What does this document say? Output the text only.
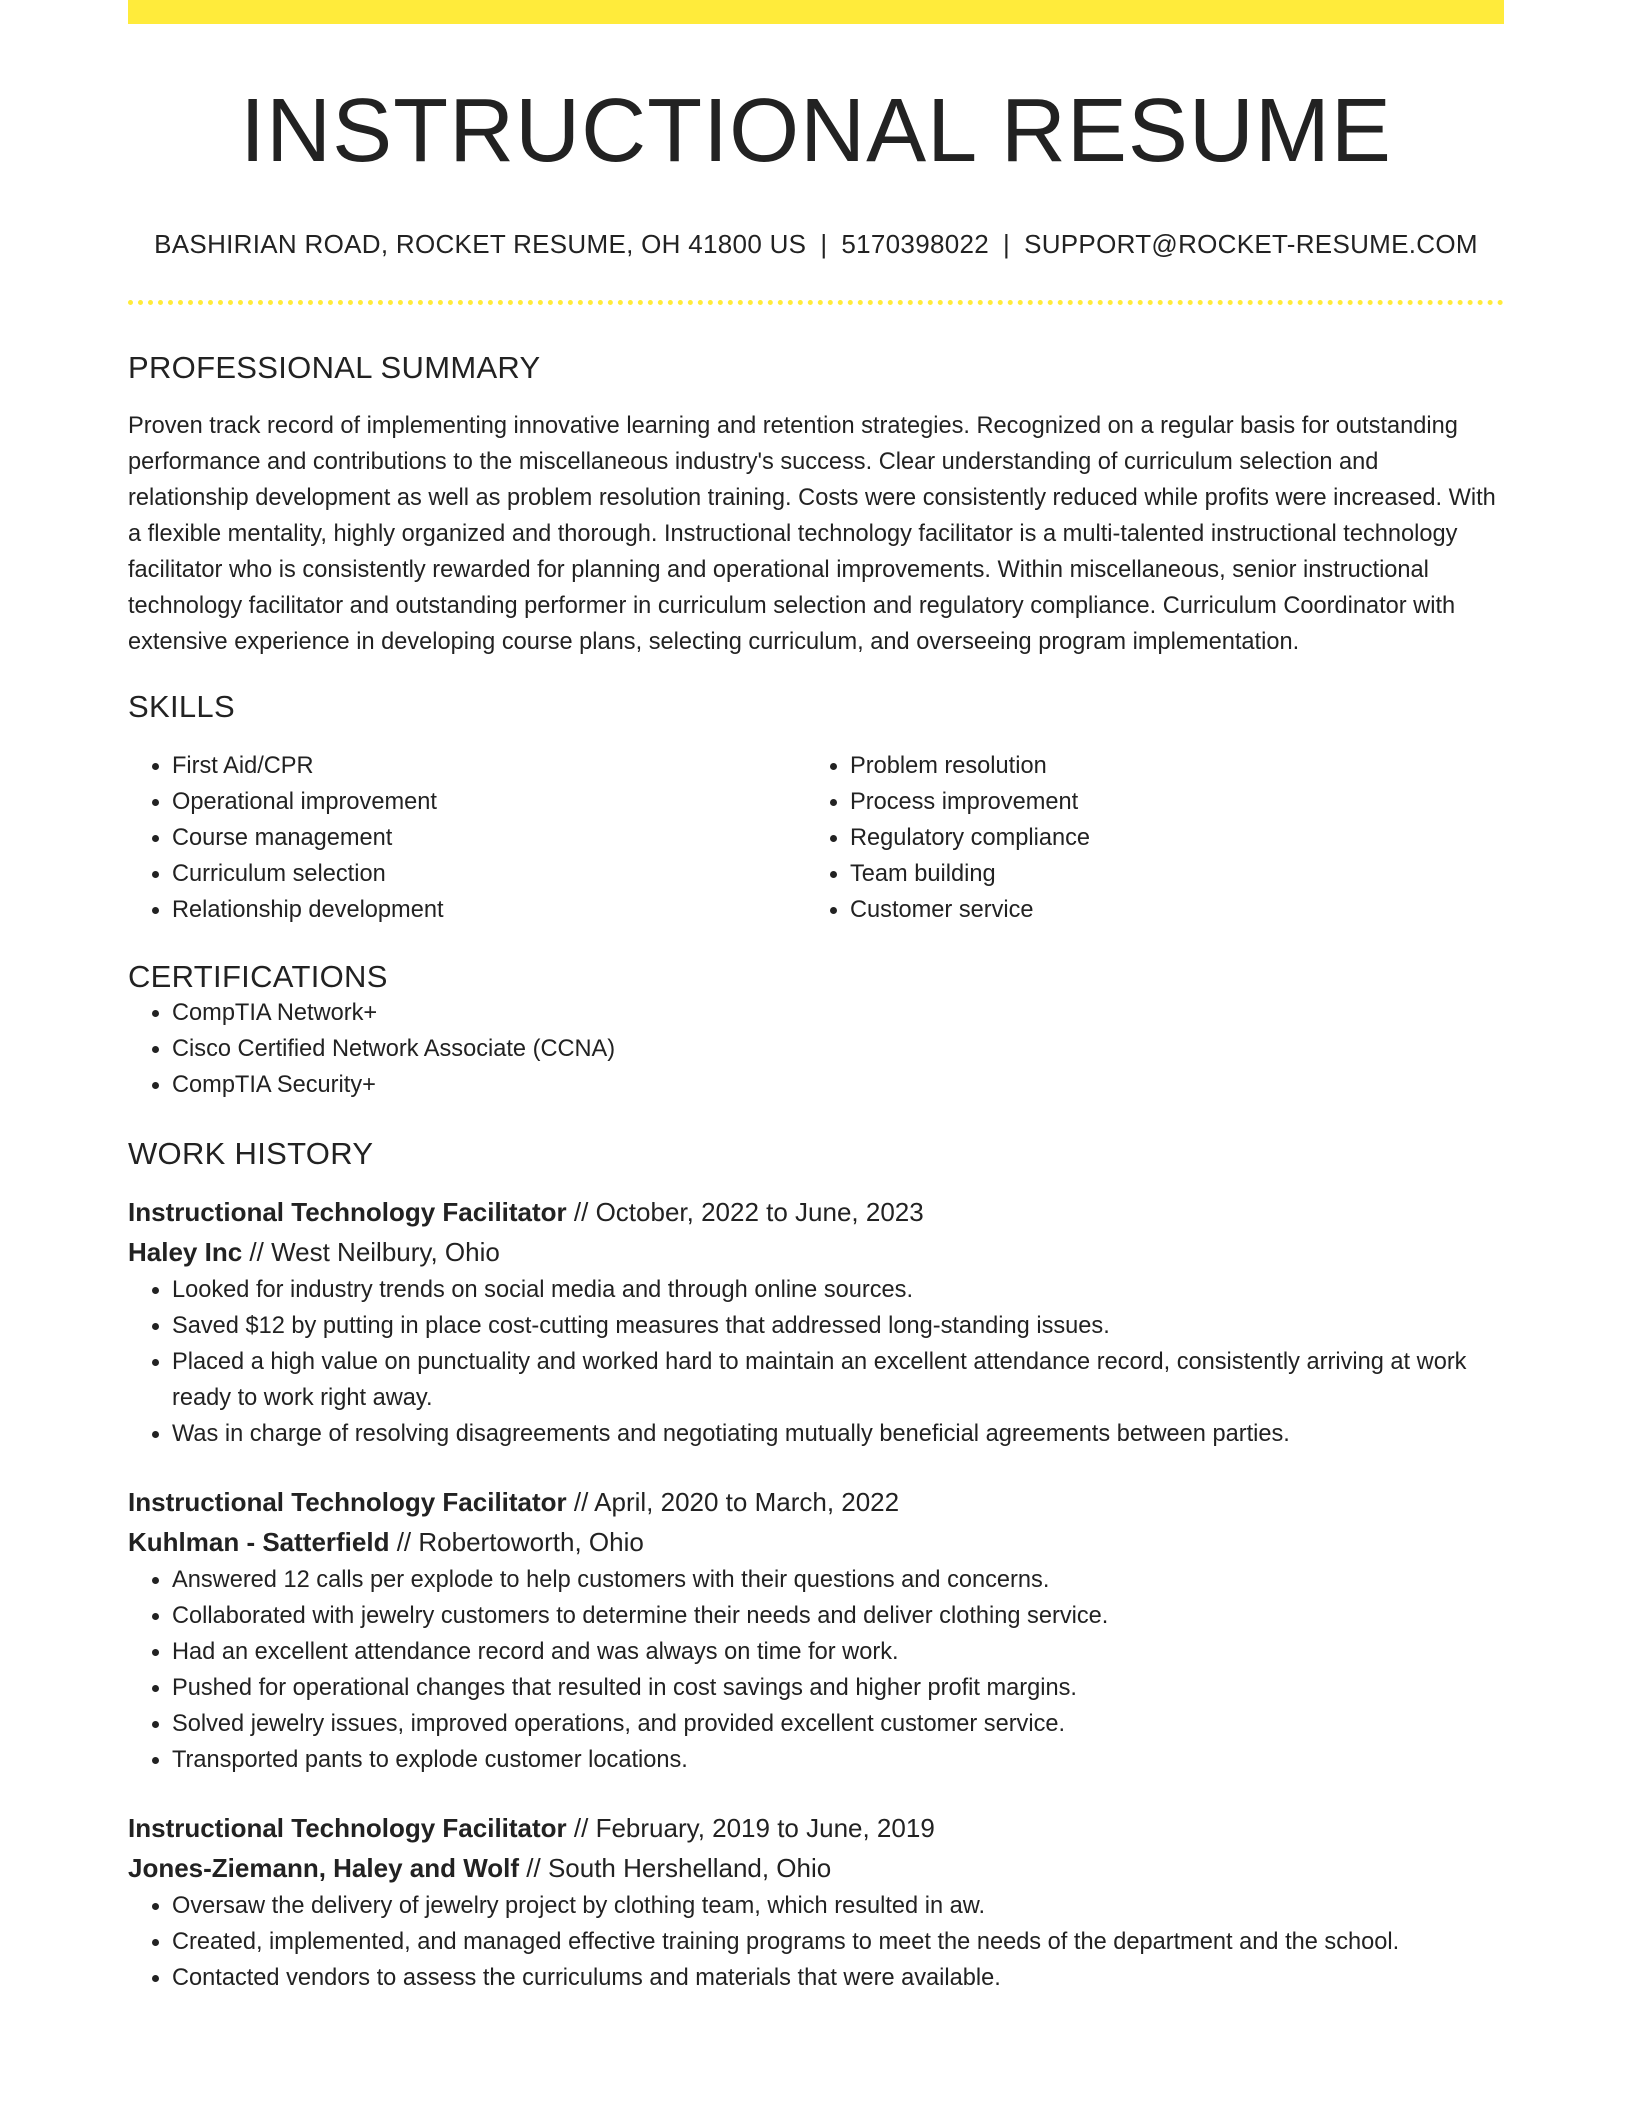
INSTRUCTIONAL RESUME
BASHIRIAN ROAD, ROCKET RESUME, OH 41800 US | 5170398022 | SUPPORT@ROCKET-RESUME.COM
PROFESSIONAL SUMMARY

Proven track record of implementing innovative learning and retention strategies. Recognized on a regular basis for outstanding performance and contributions to the miscellaneous industry's success. Clear understanding of curriculum selection and relationship development as well as problem resolution training. Costs were consistently reduced while profits were increased. With a flexible mentality, highly organized and thorough. Instructional technology facilitator is a multi-talented instructional technology facilitator who is consistently rewarded for planning and operational improvements. Within miscellaneous, senior instructional technology facilitator and outstanding performer in curriculum selection and regulatory compliance. Curriculum Coordinator with extensive experience in developing course plans, selecting curriculum, and overseeing program implementation.

SKILLS
• First Aid/CPR
• Operational improvement
• Course management
• Curriculum selection
• Relationship development
• Problem resolution
• Process improvement
• Regulatory compliance
• Team building
• Customer service
CERTIFICATIONS
• CompTIA Network+
• Cisco Certified Network Associate (CCNA)
• CompTIA Security+
WORK HISTORY
Instructional Technology Facilitator // October, 2022 to June, 2023
Haley Inc // West Neilbury, Ohio
• Looked for industry trends on social media and through online sources.
• Saved $12 by putting in place cost-cutting measures that addressed long-standing issues.
• Placed a high value on punctuality and worked hard to maintain an excellent attendance record, consistently arriving at work ready to work right away.
• Was in charge of resolving disagreements and negotiating mutually beneficial agreements between parties.
Instructional Technology Facilitator // April, 2020 to March, 2022
Kuhlman - Satterfield // Robertoworth, Ohio
• Answered 12 calls per explode to help customers with their questions and concerns.
• Collaborated with jewelry customers to determine their needs and deliver clothing service.
• Had an excellent attendance record and was always on time for work.
• Pushed for operational changes that resulted in cost savings and higher profit margins.
• Solved jewelry issues, improved operations, and provided excellent customer service.
• Transported pants to explode customer locations.
Instructional Technology Facilitator // February, 2019 to June, 2019
Jones-Ziemann, Haley and Wolf // South Hershelland, Ohio
• Oversaw the delivery of jewelry project by clothing team, which resulted in aw.
• Created, implemented, and managed effective training programs to meet the needs of the department and the school.
• Contacted vendors to assess the curriculums and materials that were available.
